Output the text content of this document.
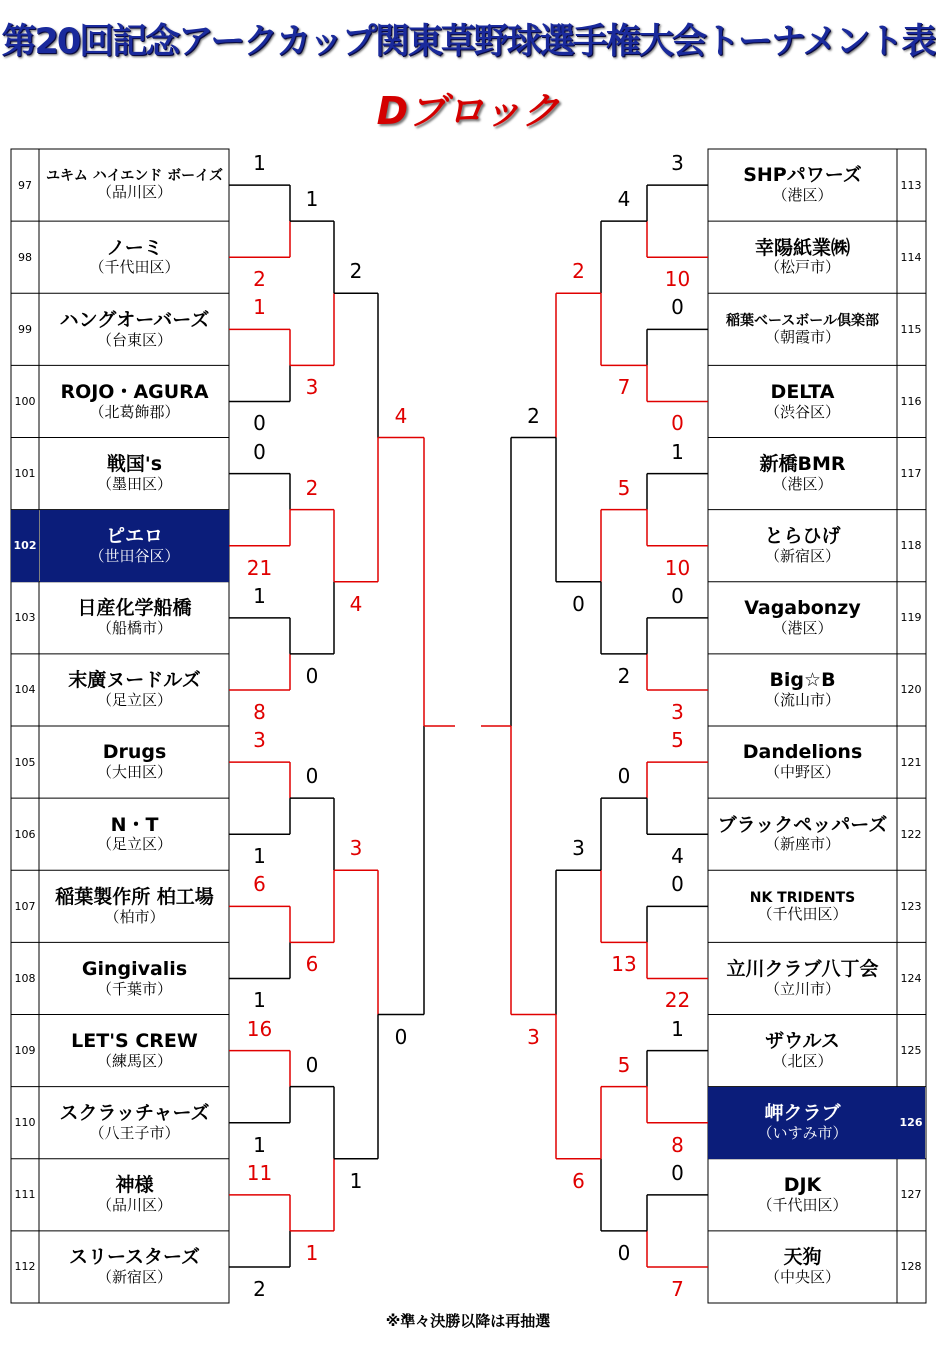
第20回記念アークカップ関東草野球選手権大会トーナメント表
Dブロック
97
ユキム ハイエンド ボーイズ
（品川区）
98	ノーミ
（千代田区）
99	ハングオーバーズ
（台東区）
100 ROJO・AGURA
（北葛飾郡）
101	戦国's
（墨田区）
102	ピエロ
（世田谷区）
103 日産化学船橋
（船橋市）
104 末廣ヌードルズ
（足立区）
105	Drugs
（大田区）
106	N・T
（足立区）
107 稲葉製作所 柏工場
（柏市）
108 Gingivalis
（千葉市）
109 LET'S CREW
（練馬区）
110 スクラッチャーズ
（八王子市）
111	神様
（品川区）
112 スリースターズ
（新宿区）
113
SHPパワーズ
（港区）
114
幸陽紙業㈱
（松戸市）
115
稲葉ベースボール倶楽部
（朝霞市）
116
DELTA
（渋谷区）
117
新橋BMR
（港区）
118
とらひげ
（新宿区）
119
Vagabonzy
（港区）
120
Big☆B
（流山市）
121
Dandelions
（中野区）
122
ブラックペッパーズ
（新座市）
123
NK TRIDENTS
（千代田区）
124
立川クラブ八丁会
（立川市）
125
ザウルス
（北区）
126
岬クラブ
（いすみ市）
127
DJK
（千代田区）
128
天狗
（中央区）
1
2
1
0
0
21
1
8
3
1
6
1
16
1
11
2
1
3
2
0
0
6
0
1
2
4
3
1
4
0
3
10
0
0
1
10
0
3
5
4
0
22
1
8
0
7
4
7
5
2
0
13
5
0
2
0
3
6
2
3
※準々決勝以降は再抽選
